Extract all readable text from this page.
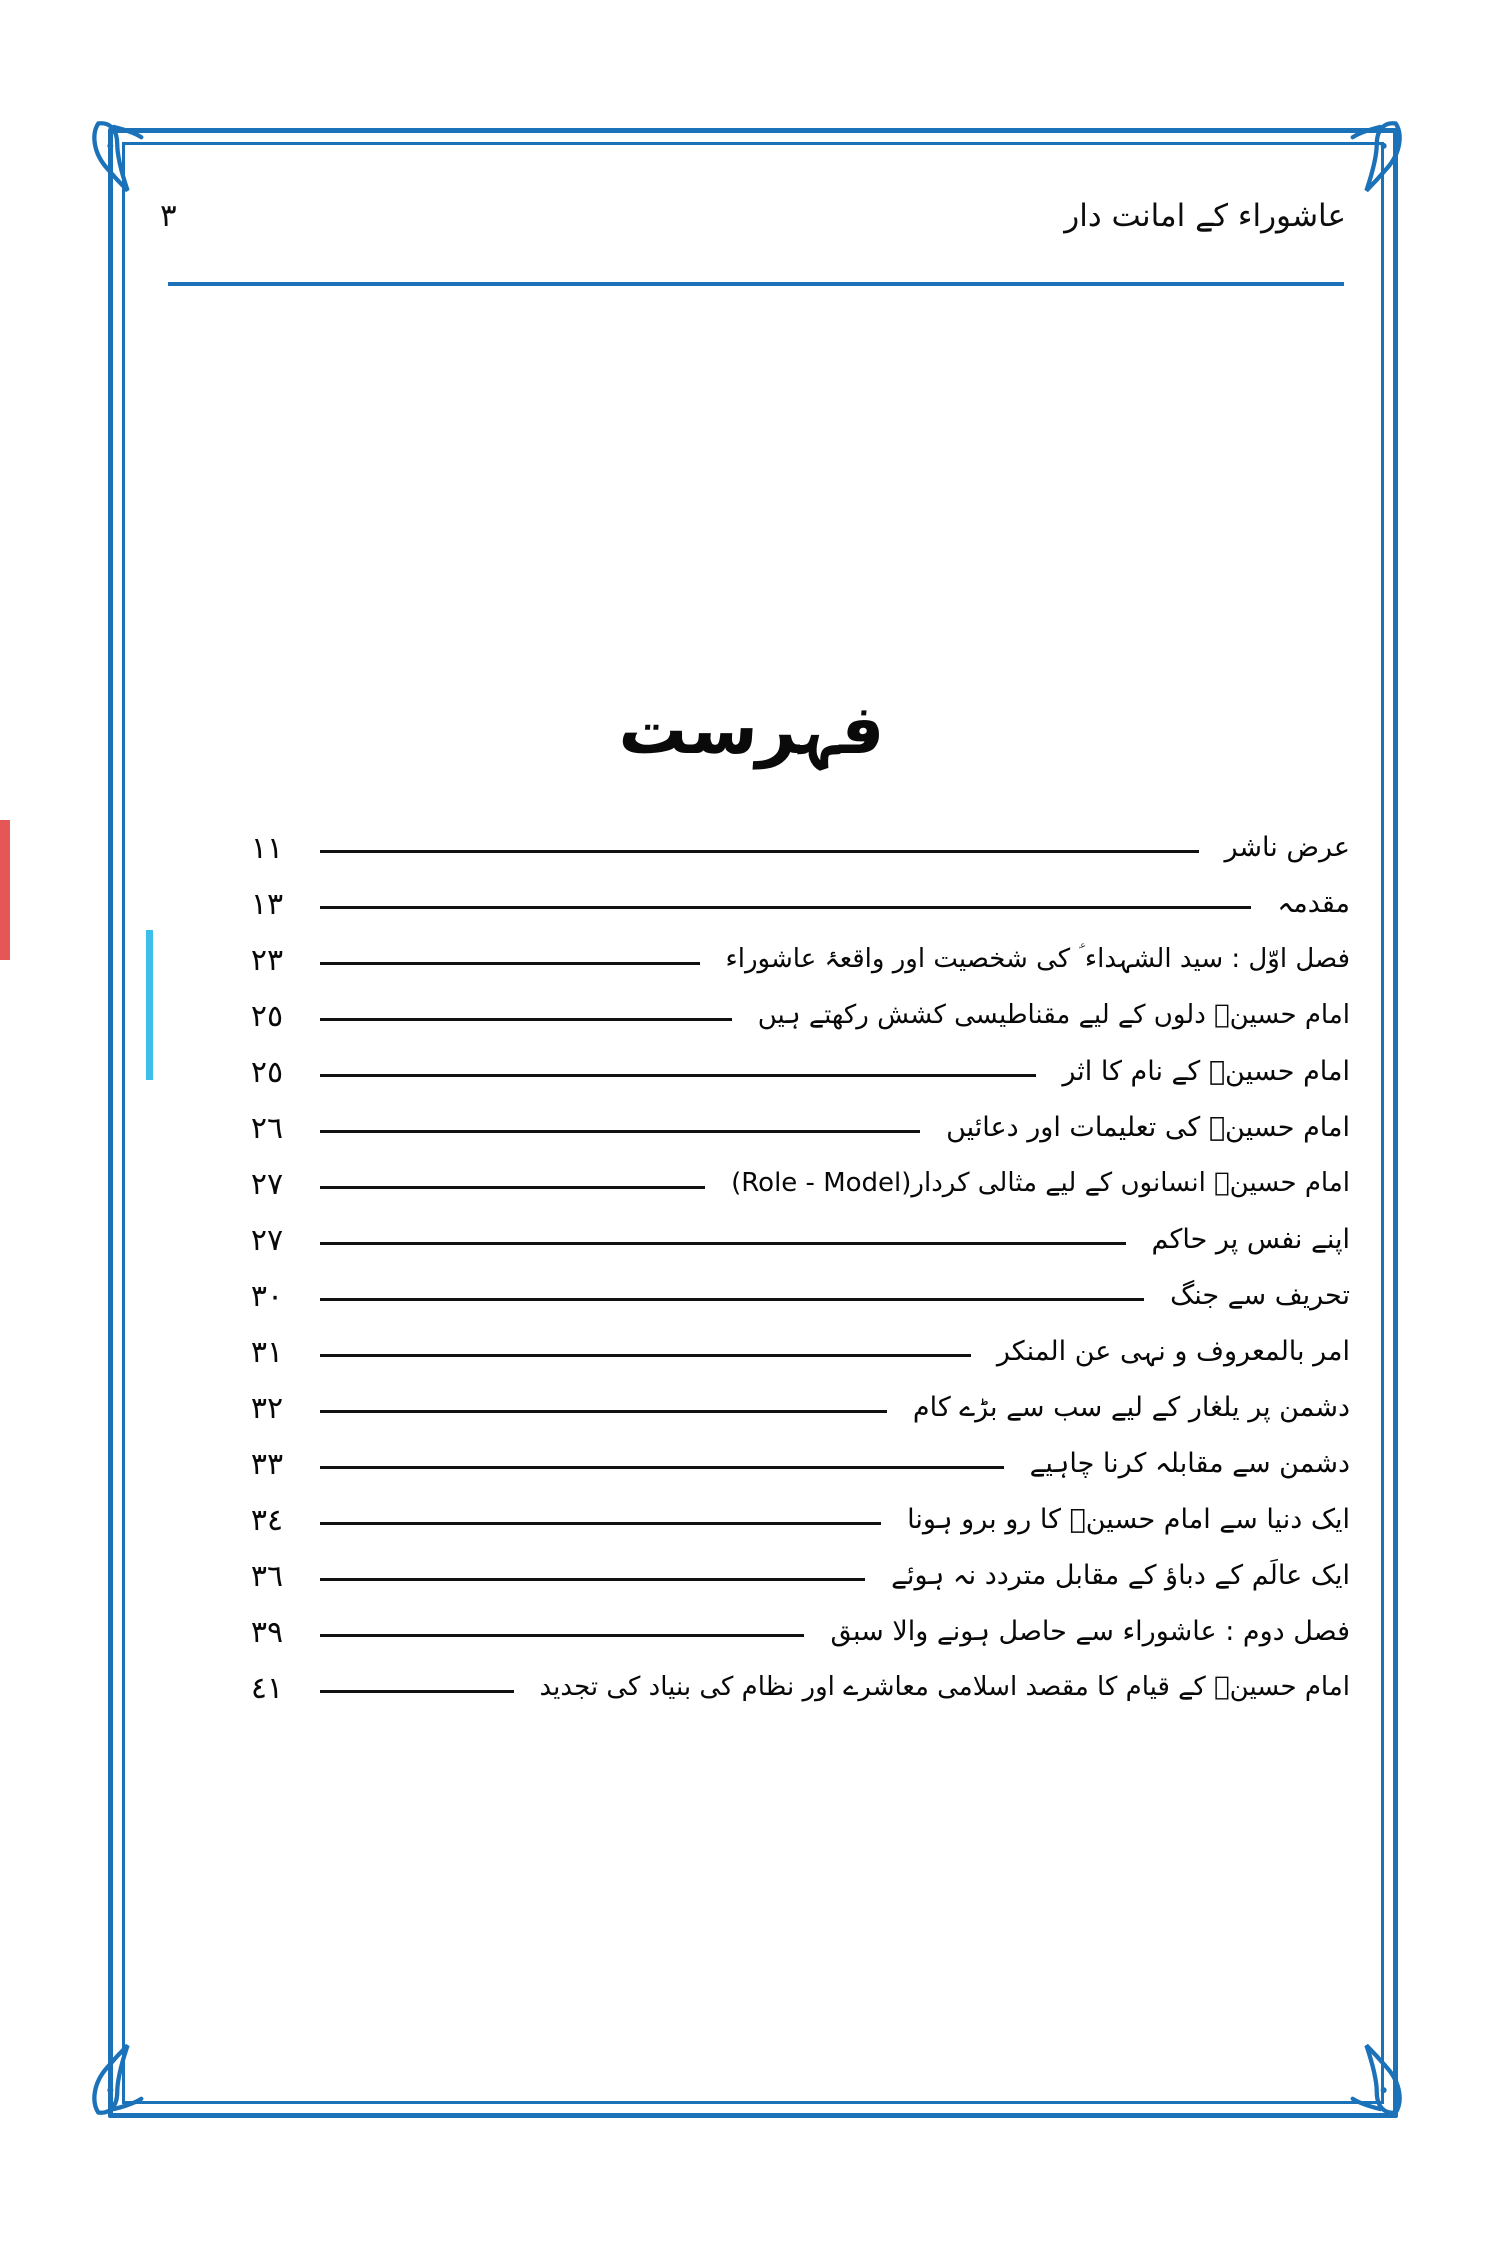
عاشوراء کے امانت دار
٣
فہرست
عرض ناشر
١١
مقدمہ
١٣
فصل اوّل : سید الشہداء ؑ کی شخصیت اور واقعۂ عاشوراء
٢٣
امام حسینؑ دلوں کے لیے مقناطیسی کشش رکھتے ہیں
٢٥
امام حسینؑ کے نام کا اثر
٢٥
امام حسینؑ کی تعلیمات اور دعائیں
٢٦
امام حسینؑ انسانوں کے لیے مثالی کردار(Role - Model)
٢٧
اپنے نفس پر حاکم
٢٧
تحریف سے جنگ
٣٠
امر بالمعروف و نہی عن المنکر
٣١
دشمن پر یلغار کے لیے سب سے بڑے کام
٣٢
دشمن سے مقابلہ کرنا چاہیے
٣٣
ایک دنیا سے امام حسینؑ کا رو برو ہونا
٣٤
ایک عالَم کے دباؤ کے مقابل متردد نہ ہوئے
٣٦
فصل دوم : عاشوراء سے حاصل ہونے والا سبق
٣٩
امام حسینؑ کے قیام کا مقصد اسلامی معاشرے اور نظام کی بنیاد کی تجدید
٤١
